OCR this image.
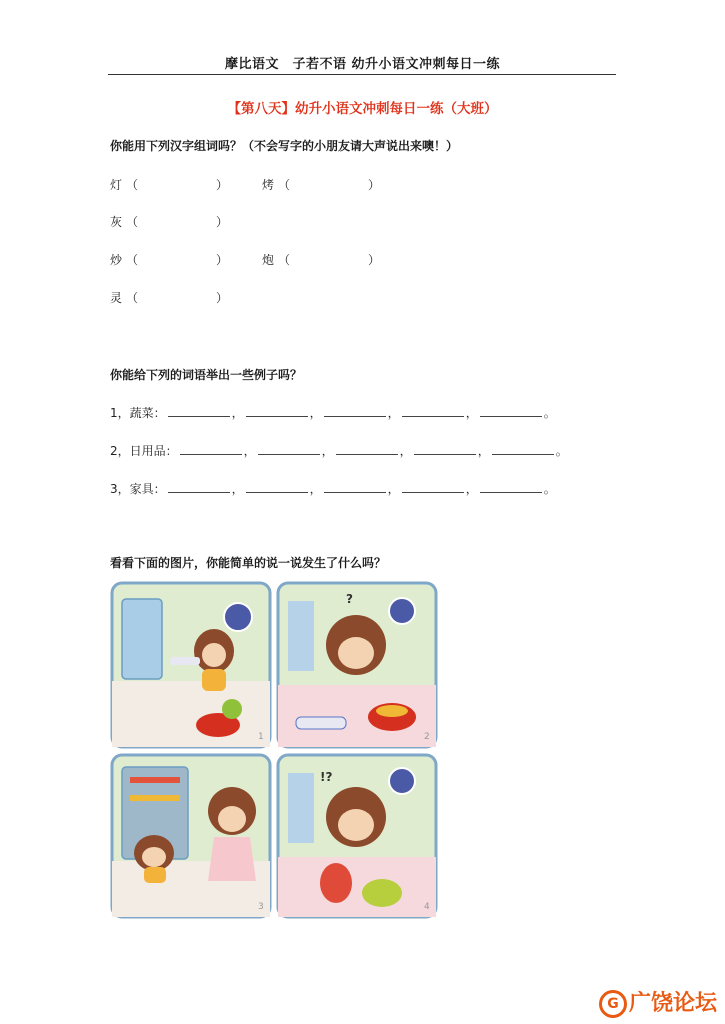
摩比语文　子若不语 幼升小语文冲刺每日一练
【第八天】幼升小语文冲刺每日一练（大班）
你能用下列汉字组词吗？（不会写字的小朋友请大声说出来噢！）
灯 （	）	烤 （	）
灰 （	）
炒 （	）	炮 （	）
灵 （	）
你能给下列的词语举出一些例子吗？
1，蔬菜：	，	，	，	，	。
2，日用品：	，	，	，	，	。
3，家具：	，	，	，	，	。
看看下面的图片，你能简单的说一说发生了什么吗？
1
?
2
3
!?
4
G 广饶论坛
